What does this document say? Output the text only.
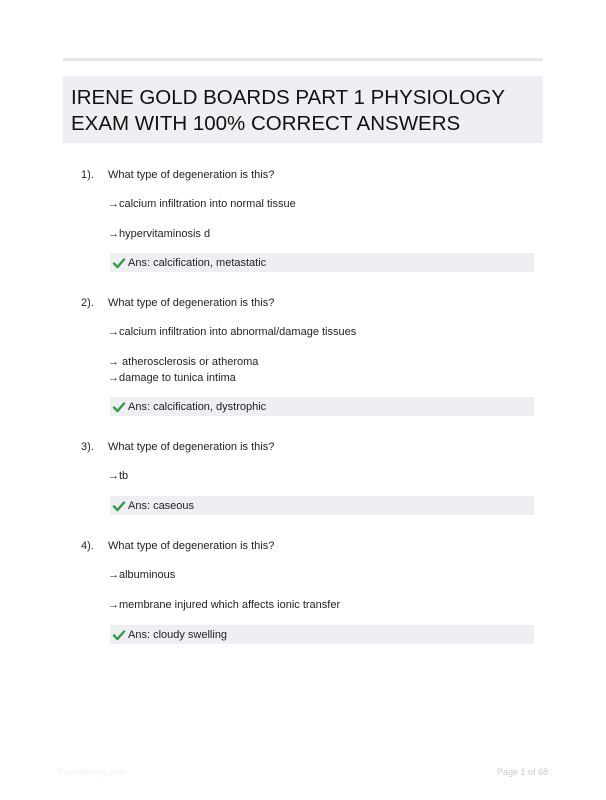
IRENE GOLD BOARDS PART 1 PHYSIOLOGY
EXAM WITH 100% CORRECT ANSWERS
1). What type of degeneration is this?
→calcium infiltration into normal tissue
→hypervitaminosis d
Ans: calcification, metastatic
2). What type of degeneration is this?
→calcium infiltration into abnormal/damage tissues
→ atherosclerosis or atheroma
→damage to tunica intima
Ans: calcification, dystrophic
3). What type of degeneration is this?
→tb
Ans: caseous
4). What type of degeneration is this?
→albuminous
→membrane injured which affects ionic transfer
Ans: cloudy swelling
Paperlibrary.com	Page 1 of 68
